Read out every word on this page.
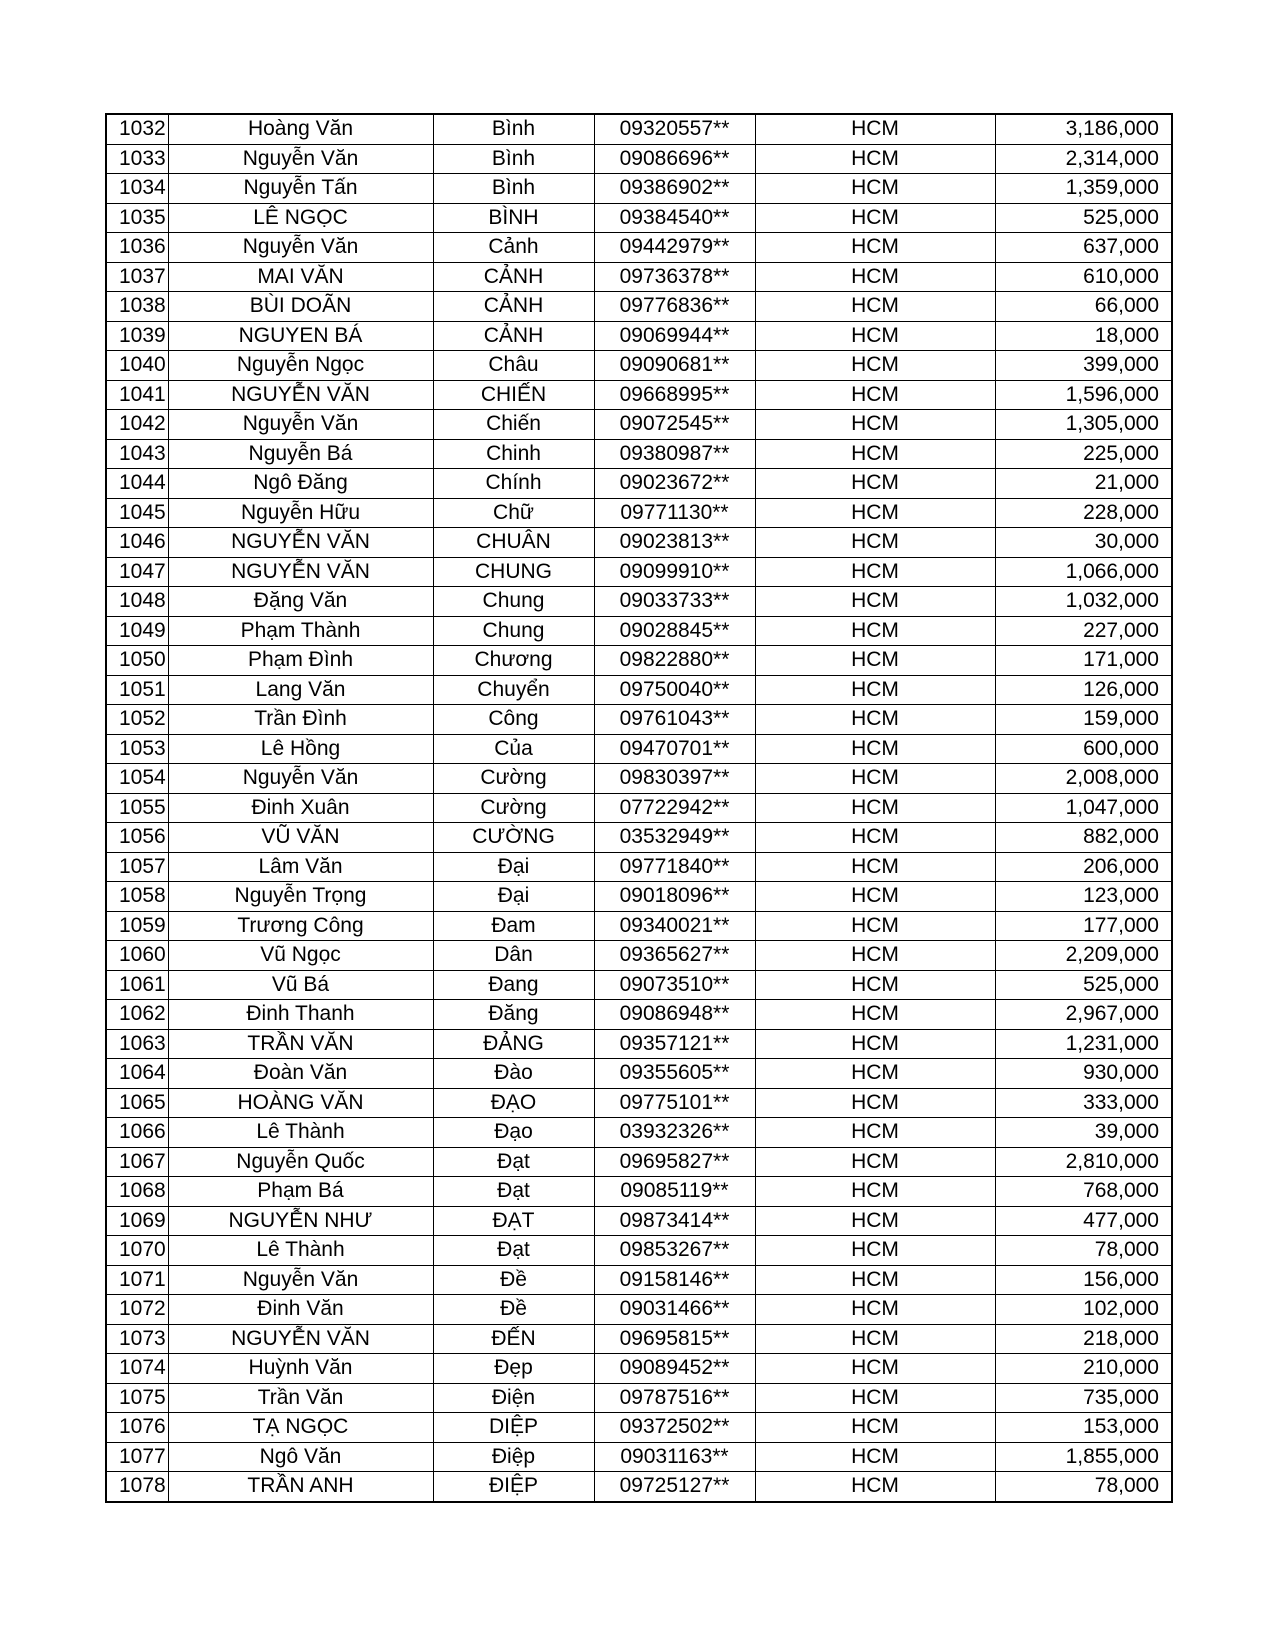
1032	Hoàng Văn	Bình	09320557**	HCM	3,186,000
1033	Nguyễn Văn	Bình	09086696**	HCM	2,314,000
1034	Nguyễn Tấn	Bình	09386902**	HCM	1,359,000
1035	LÊ NGỌC	BÌNH	09384540**	HCM	525,000
1036	Nguyễn Văn	Cảnh	09442979**	HCM	637,000
1037	MAI VĂN	CẢNH	09736378**	HCM	610,000
1038	BÙI DOÃN	CẢNH	09776836**	HCM	66,000
1039	NGUYEN BÁ	CẢNH	09069944**	HCM	18,000
1040	Nguyễn Ngọc	Châu	09090681**	HCM	399,000
1041	NGUYỄN VĂN	CHIẾN	09668995**	HCM	1,596,000
1042	Nguyễn Văn	Chiến	09072545**	HCM	1,305,000
1043	Nguyễn Bá	Chinh	09380987**	HCM	225,000
1044	Ngô Đăng	Chính	09023672**	HCM	21,000
1045	Nguyễn Hữu	Chữ	09771130**	HCM	228,000
1046	NGUYỄN VĂN	CHUÂN	09023813**	HCM	30,000
1047	NGUYỄN VĂN	CHUNG	09099910**	HCM	1,066,000
1048	Đặng Văn	Chung	09033733**	HCM	1,032,000
1049	Phạm Thành	Chung	09028845**	HCM	227,000
1050	Phạm Đình	Chương	09822880**	HCM	171,000
1051	Lang Văn	Chuyển	09750040**	HCM	126,000
1052	Trần Đình	Công	09761043**	HCM	159,000
1053	Lê Hồng	Của	09470701**	HCM	600,000
1054	Nguyễn Văn	Cường	09830397**	HCM	2,008,000
1055	Đinh Xuân	Cường	07722942**	HCM	1,047,000
1056	VŨ VĂN	CƯỜNG	03532949**	HCM	882,000
1057	Lâm Văn	Đại	09771840**	HCM	206,000
1058	Nguyễn Trọng	Đại	09018096**	HCM	123,000
1059	Trương Công	Đam	09340021**	HCM	177,000
1060	Vũ Ngọc	Dân	09365627**	HCM	2,209,000
1061	Vũ Bá	Đang	09073510**	HCM	525,000
1062	Đinh Thanh	Đăng	09086948**	HCM	2,967,000
1063	TRẦN VĂN	ĐẢNG	09357121**	HCM	1,231,000
1064	Đoàn Văn	Đào	09355605**	HCM	930,000
1065	HOÀNG VĂN	ĐẠO	09775101**	HCM	333,000
1066	Lê Thành	Đạo	03932326**	HCM	39,000
1067	Nguyễn Quốc	Đạt	09695827**	HCM	2,810,000
1068	Phạm Bá	Đạt	09085119**	HCM	768,000
1069	NGUYỄN NHƯ	ĐẠT	09873414**	HCM	477,000
1070	Lê Thành	Đạt	09853267**	HCM	78,000
1071	Nguyễn Văn	Đề	09158146**	HCM	156,000
1072	Đinh Văn	Đề	09031466**	HCM	102,000
1073	NGUYỄN VĂN	ĐẾN	09695815**	HCM	218,000
1074	Huỳnh Văn	Đẹp	09089452**	HCM	210,000
1075	Trần Văn	Điện	09787516**	HCM	735,000
1076	TẠ NGỌC	DIỆP	09372502**	HCM	153,000
1077	Ngô Văn	Điệp	09031163**	HCM	1,855,000
1078	TRẦN ANH	ĐIỆP	09725127**	HCM	78,000
